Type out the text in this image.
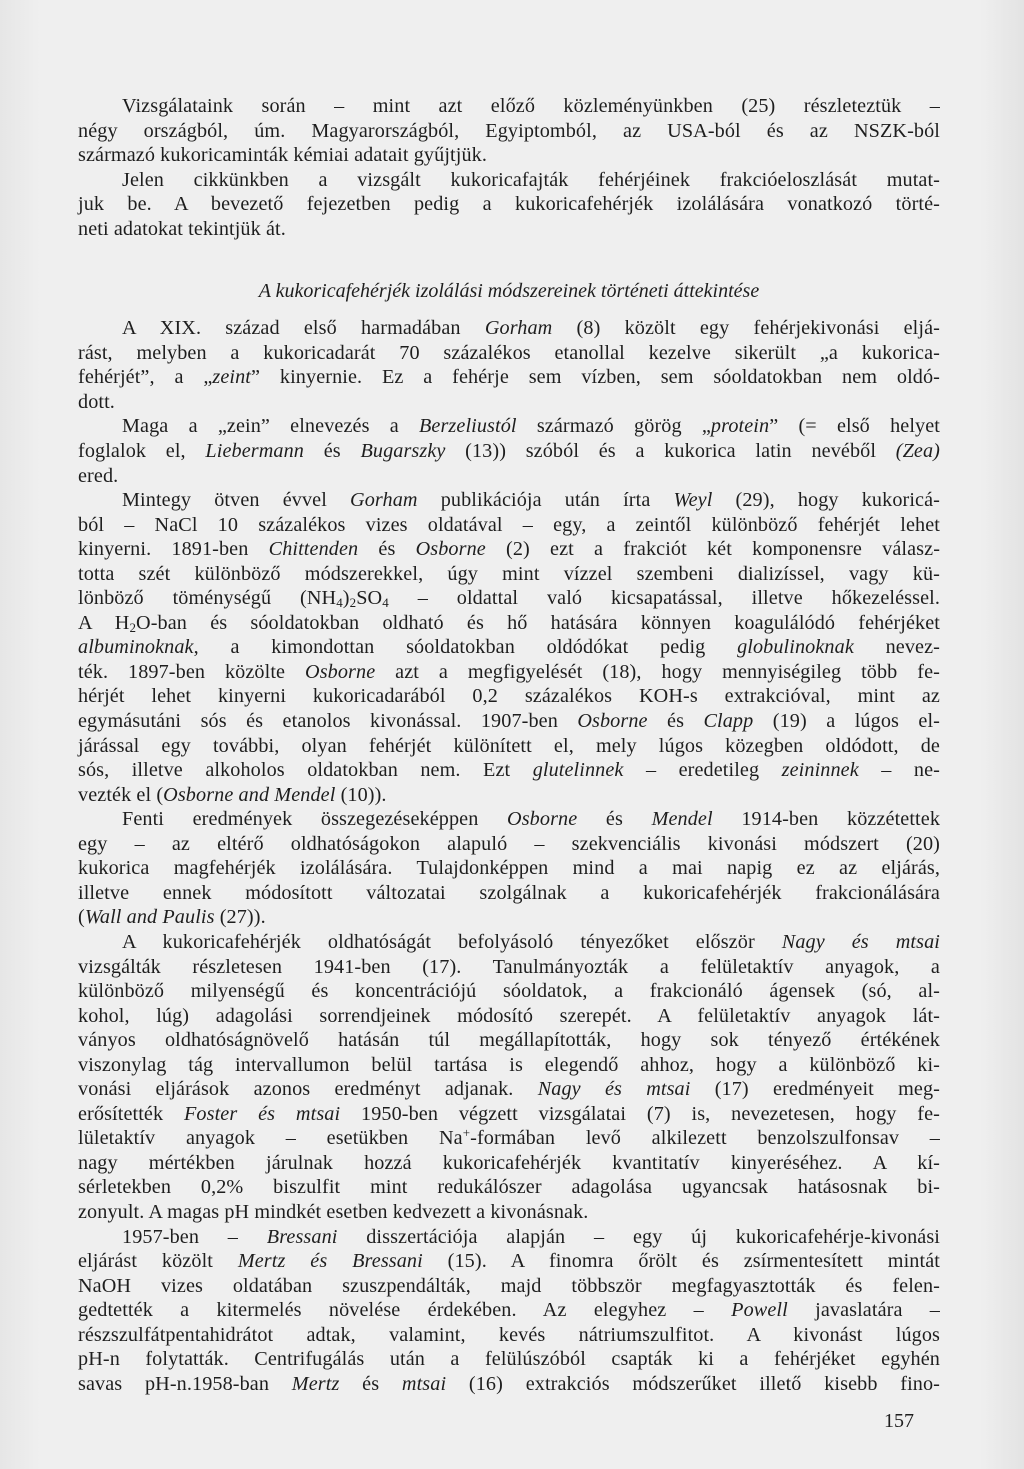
Vizsgálataink során – mint azt előző közleményünkben (25) részleteztük –
négy országból, úm. Magyarországból, Egyiptomból, az USA-ból és az NSZK-ból
származó kukoricaminták kémiai adatait gyűjtjük.
Jelen cikkünkben a vizsgált kukoricafajták fehérjéinek frakcióeloszlását mutat-
juk be. A bevezető fejezetben pedig a kukoricafehérjék izolálására vonatkozó törté-
neti adatokat tekintjük át.
A kukoricafehérjék izolálási módszereinek történeti áttekintése
A XIX. század első harmadában Gorham (8) közölt egy fehérjekivonási eljá-
rást, melyben a kukoricadarát 70 százalékos etanollal kezelve sikerült „a kukorica-
fehérjét”, a „zeint” kinyernie. Ez a fehérje sem vízben, sem sóoldatokban nem oldó-
dott.
Maga a „zein” elnevezés a Berzeliustól származó görög „protein” (= első helyet
foglalok el, Liebermann és Bugarszky (13)) szóból és a kukorica latin nevéből (Zea)
ered.
Mintegy ötven évvel Gorham publikációja után írta Weyl (29), hogy kukoricá-
ból – NaCl 10 százalékos vizes oldatával – egy, a zeintől különböző fehérjét lehet
kinyerni. 1891-ben Chittenden és Osborne (2) ezt a frakciót két komponensre válasz-
totta szét különböző módszerekkel, úgy mint vízzel szembeni dializíssel, vagy kü-
lönböző töménységű $(NH_4)_2SO_4$ – oldattal való kicsapatással, illetve hőkezeléssel.
A $H_2O$-ban és sóoldatokban oldható és hő hatására könnyen koagulálódó fehérjéket
albuminoknak, a kimondottan sóoldatokban oldódókat pedig globulinoknak nevez-
ték. 1897-ben közölte Osborne azt a megfigyelését (18), hogy mennyiségileg több fe-
hérjét lehet kinyerni kukoricadarából 0,2 százalékos KOH-s extrakcióval, mint az
egymásutáni sós és etanolos kivonással. 1907-ben Osborne és Clapp (19) a lúgos el-
járással egy további, olyan fehérjét különített el, mely lúgos közegben oldódott, de
sós, illetve alkoholos oldatokban nem. Ezt glutelinnek – eredetileg zeininnek – ne-
vezték el (Osborne and Mendel (10)).
Fenti eredmények összegezéseképpen Osborne és Mendel 1914-ben közzétettek
egy – az eltérő oldhatóságokon alapuló – szekvenciális kivonási módszert (20)
kukorica magfehérjék izolálására. Tulajdonképpen mind a mai napig ez az eljárás,
illetve ennek módosított változatai szolgálnak a kukoricafehérjék frakcionálására
(Wall and Paulis (27)).
A kukoricafehérjék oldhatóságát befolyásoló tényezőket először Nagy és mtsai
vizsgálták részletesen 1941-ben (17). Tanulmányozták a felületaktív anyagok, a
különböző milyenségű és koncentrációjú sóoldatok, a frakcionáló ágensek (só, al-
kohol, lúg) adagolási sorrendjeinek módosító szerepét. A felületaktív anyagok lát-
ványos oldhatóságnövelő hatásán túl megállapították, hogy sok tényező értékének
viszonylag tág intervallumon belül tartása is elegendő ahhoz, hogy a különböző ki-
vonási eljárások azonos eredményt adjanak. Nagy és mtsai (17) eredményeit meg-
erősítették Foster és mtsai 1950-ben végzett vizsgálatai (7) is, nevezetesen, hogy fe-
lületaktív anyagok – esetükben Na+-formában levő alkilezett benzolszulfonsav –
nagy mértékben járulnak hozzá kukoricafehérjék kvantitatív kinyeréséhez. A kí-
sérletekben 0,2% biszulfit mint redukálószer adagolása ugyancsak hatásosnak bi-
zonyult. A magas pH mindkét esetben kedvezett a kivonásnak.
1957-ben – Bressani disszertációja alapján – egy új kukoricafehérje-kivonási
eljárást közölt Mertz és Bressani (15). A finomra őrölt és zsírmentesített mintát
NaOH vizes oldatában szuszpendálták, majd többször megfagyasztották és felen-
gedtették a kitermelés növelése érdekében. Az elegyhez – Powell javaslatára –
részszulfátpentahidrátot adtak, valamint, kevés nátriumszulfitot. A kivonást lúgos
pH-n folytatták. Centrifugálás után a felülúszóból csapták ki a fehérjéket egyhén
savas pH-n.1958-ban Mertz és mtsai (16) extrakciós módszerűket illető kisebb fino-
157
